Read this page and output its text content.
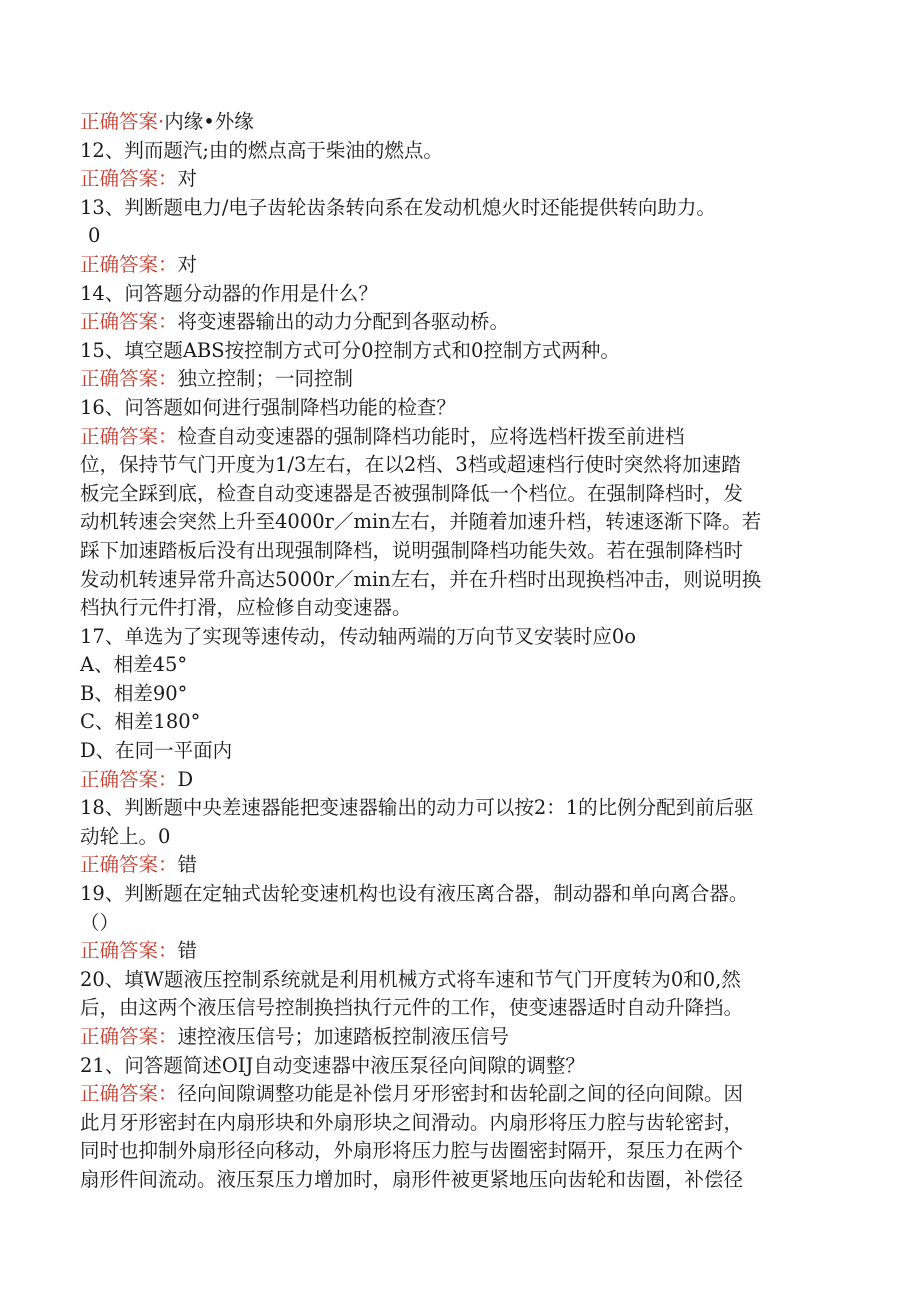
正确答案·内缘•外缘
12、判而题汽;由的燃点高于柴油的燃点。
正确答案：对
13、判断题电力/电子齿轮齿条转向系在发动机熄火时还能提供转向助力。
0
正确答案：对
14、问答题分动器的作用是什么？
正确答案：将变速器输出的动力分配到各驱动桥。
15、填空题ABS按控制方式可分0控制方式和0控制方式两种。
正确答案：独立控制；一同控制
16、问答题如何进行强制降档功能的检查？
正确答案：检查自动变速器的强制降档功能时，应将选档杆拨至前进档
位，保持节气门开度为1/3左右，在以2档、3档或超速档行使时突然将加速踏
板完全踩到底，检查自动变速器是否被强制降低一个档位。在强制降档时，发
动机转速会突然上升至4000r／min左右，并随着加速升档，转速逐渐下降。若
踩下加速踏板后没有出现强制降档，说明强制降档功能失效。若在强制降档时
发动机转速异常升高达5000r／min左右，并在升档时出现换档冲击，则说明换
档执行元件打滑，应检修自动变速器。
17、单选为了实现等速传动，传动轴两端的万向节叉安装时应0o
A、相差45°
B、相差90°
C、相差180°
D、在同一平面内
正确答案：D
18、判断题中央差速器能把变速器输出的动力可以按2：1的比例分配到前后驱
动轮上。0
正确答案：错
19、判断题在定轴式齿轮变速机构也设有液压离合器，制动器和单向离合器。
（）
正确答案：错
20、填W题液压控制系统就是利用机械方式将车速和节气门开度转为0和0,然
后，由这两个液压信号控制换挡执行元件的工作，使变速器适时自动升降挡。
正确答案：速控液压信号；加速踏板控制液压信号
21、问答题简述OIJ自动变速器中液压泵径向间隙的调整？
正确答案：径向间隙调整功能是补偿月牙形密封和齿轮副之间的径向间隙。因
此月牙形密封在内扇形块和外扇形块之间滑动。内扇形将压力腔与齿轮密封，
同时也抑制外扇形径向移动，外扇形将压力腔与齿圈密封隔开，泵压力在两个
扇形件间流动。液压泵压力增加时，扇形件被更紧地压向齿轮和齿圈，补偿径
